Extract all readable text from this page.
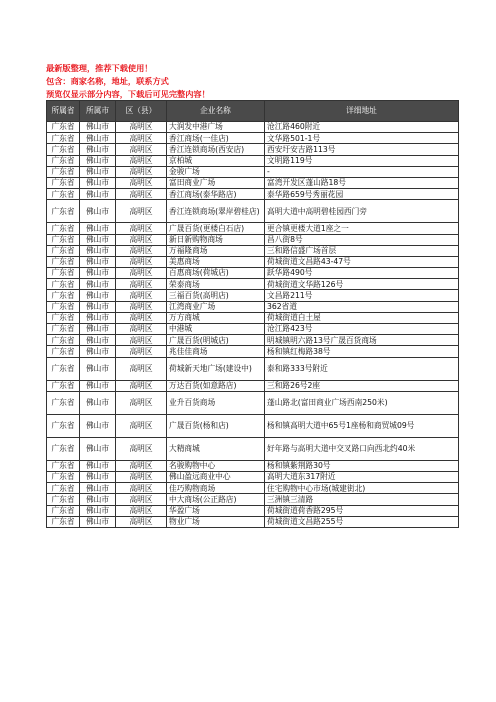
最新版整理，推荐下载使用！
包含：商家名称，地址，联系方式
预览仅显示部分内容，下载后可见完整内容！
所属省	所属市	区（县）	企业名称	详细地址
广东省	佛山市	高明区	大润发中港广场	沧江路460附近
广东省	佛山市	高明区	香江商场(一佳店)	文华路501-1号
广东省	佛山市	高明区	香江连锁商场(西安店)	西安圩安吉路113号
广东省	佛山市	高明区	京柏城	文明路119号
广东省	佛山市	高明区	金骏广场	-
广东省	佛山市	高明区	富田商业广场	富湾开发区蓬山路18号
广东省	佛山市	高明区	香江商场(泰华路店)	泰华路659号秀丽花园
广东省	佛山市	高明区	香江连锁商场(翠岸碧桂店)	高明大道中高明碧桂园西门旁
广东省	佛山市	高明区	广晟百货(更楼白石店)	更合镇更楼大道1座之一
广东省	佛山市	高明区	新日新购物商场	昌八街8号
广东省	佛山市	高明区	万福隆商场	三和路信盛广场首层
广东省	佛山市	高明区	美惠商场	荷城街道文昌路43-47号
广东省	佛山市	高明区	百惠商场(荷城店)	跃华路490号
广东省	佛山市	高明区	荣泰商场	荷城街道文华路126号
广东省	佛山市	高明区	三福百货(高明店)	文昌路211号
广东省	佛山市	高明区	江湾商业广场	362省道
广东省	佛山市	高明区	万方商城	荷城街道白土屋
广东省	佛山市	高明区	中港城	沧江路423号
广东省	佛山市	高明区	广晟百货(明城店)	明城镇明六路13号广晟百货商场
广东省	佛山市	高明区	兆佳佳商场	杨和镇红梅路38号
广东省	佛山市	高明区	荷城新天地广场(建设中)	泰和路333号附近
广东省	佛山市	高明区	万达百货(如意路店)	三和路26号2座
广东省	佛山市	高明区	业升百货商场	蓬山路北(富田商业广场西南250米)
广东省	佛山市	高明区	广晟百货(杨和店)	杨和镇高明大道中65号1座杨和商贸城09号
广东省	佛山市	高明区	大精商城	好年路与高明大道中交叉路口向西北约40米
广东省	佛山市	高明区	名骏购物中心	杨和镇紫荆路30号
广东省	佛山市	高明区	佛山盈远商业中心	高明大道东317附近
广东省	佛山市	高明区	佳巧购物商场	住宅购物中心市场(城建街北)
广东省	佛山市	高明区	中大商场(公正路店)	三洲镇三清路
广东省	佛山市	高明区	华盈广场	荷城街道荷香路295号
广东省	佛山市	高明区	物业广场	荷城街道文昌路255号
